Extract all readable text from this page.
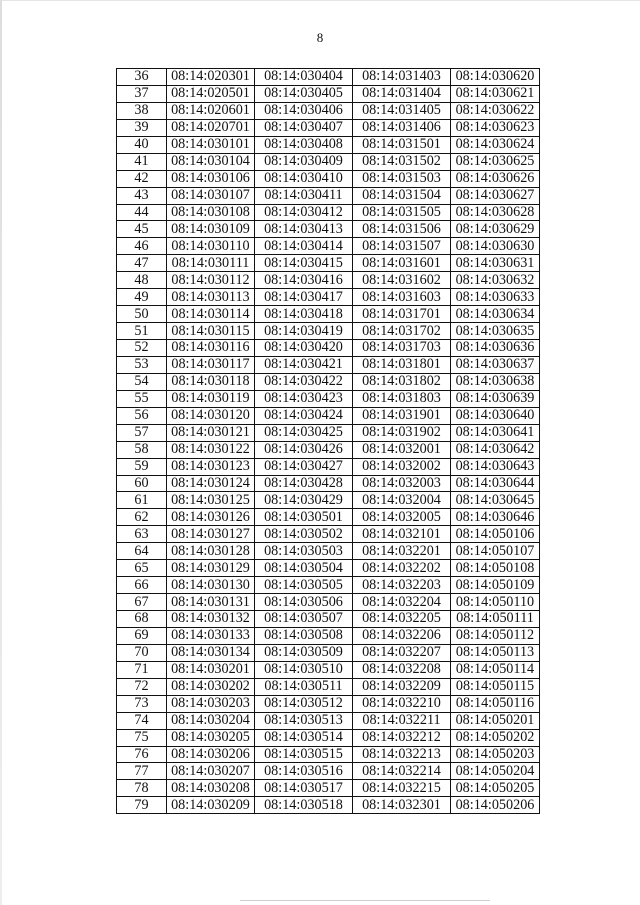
8
36	08:14:020301	08:14:030404	08:14:031403	08:14:030620
37	08:14:020501	08:14:030405	08:14:031404	08:14:030621
38	08:14:020601	08:14:030406	08:14:031405	08:14:030622
39	08:14:020701	08:14:030407	08:14:031406	08:14:030623
40	08:14:030101	08:14:030408	08:14:031501	08:14:030624
41	08:14:030104	08:14:030409	08:14:031502	08:14:030625
42	08:14:030106	08:14:030410	08:14:031503	08:14:030626
43	08:14:030107	08:14:030411	08:14:031504	08:14:030627
44	08:14:030108	08:14:030412	08:14:031505	08:14:030628
45	08:14:030109	08:14:030413	08:14:031506	08:14:030629
46	08:14:030110	08:14:030414	08:14:031507	08:14:030630
47	08:14:030111	08:14:030415	08:14:031601	08:14:030631
48	08:14:030112	08:14:030416	08:14:031602	08:14:030632
49	08:14:030113	08:14:030417	08:14:031603	08:14:030633
50	08:14:030114	08:14:030418	08:14:031701	08:14:030634
51	08:14:030115	08:14:030419	08:14:031702	08:14:030635
52	08:14:030116	08:14:030420	08:14:031703	08:14:030636
53	08:14:030117	08:14:030421	08:14:031801	08:14:030637
54	08:14:030118	08:14:030422	08:14:031802	08:14:030638
55	08:14:030119	08:14:030423	08:14:031803	08:14:030639
56	08:14:030120	08:14:030424	08:14:031901	08:14:030640
57	08:14:030121	08:14:030425	08:14:031902	08:14:030641
58	08:14:030122	08:14:030426	08:14:032001	08:14:030642
59	08:14:030123	08:14:030427	08:14:032002	08:14:030643
60	08:14:030124	08:14:030428	08:14:032003	08:14:030644
61	08:14:030125	08:14:030429	08:14:032004	08:14:030645
62	08:14:030126	08:14:030501	08:14:032005	08:14:030646
63	08:14:030127	08:14:030502	08:14:032101	08:14:050106
64	08:14:030128	08:14:030503	08:14:032201	08:14:050107
65	08:14:030129	08:14:030504	08:14:032202	08:14:050108
66	08:14:030130	08:14:030505	08:14:032203	08:14:050109
67	08:14:030131	08:14:030506	08:14:032204	08:14:050110
68	08:14:030132	08:14:030507	08:14:032205	08:14:050111
69	08:14:030133	08:14:030508	08:14:032206	08:14:050112
70	08:14:030134	08:14:030509	08:14:032207	08:14:050113
71	08:14:030201	08:14:030510	08:14:032208	08:14:050114
72	08:14:030202	08:14:030511	08:14:032209	08:14:050115
73	08:14:030203	08:14:030512	08:14:032210	08:14:050116
74	08:14:030204	08:14:030513	08:14:032211	08:14:050201
75	08:14:030205	08:14:030514	08:14:032212	08:14:050202
76	08:14:030206	08:14:030515	08:14:032213	08:14:050203
77	08:14:030207	08:14:030516	08:14:032214	08:14:050204
78	08:14:030208	08:14:030517	08:14:032215	08:14:050205
79	08:14:030209	08:14:030518	08:14:032301	08:14:050206
